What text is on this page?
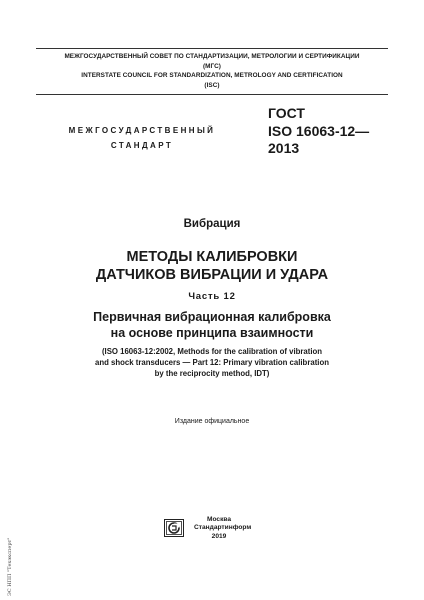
МЕЖГОСУДАРСТВЕННЫЙ СОВЕТ ПО СТАНДАРТИЗАЦИИ, МЕТРОЛОГИИ И СЕРТИФИКАЦИИ
(МГС)
INTERSTATE COUNCIL FOR STANDARDIZATION, METROLOGY AND CERTIFICATION
(ISC)
МЕЖГОСУДАРСТВЕННЫЙ
СТАНДАРТ
ГОСТ
ISO 16063-12—
2013
Вибрация
МЕТОДЫ КАЛИБРОВКИ
ДАТЧИКОВ ВИБРАЦИИ И УДАРА
Часть 12
Первичная вибрационная калибровка
на основе принципа взаимности
(ISO 16063-12:2002, Methods for the calibration of vibration
and shock transducers — Part 12: Primary vibration calibration
by the reciprocity method, IDT)
Издание официальное
Москва
Стандартинформ
2019
ЭС НПП "Техэксперт"
